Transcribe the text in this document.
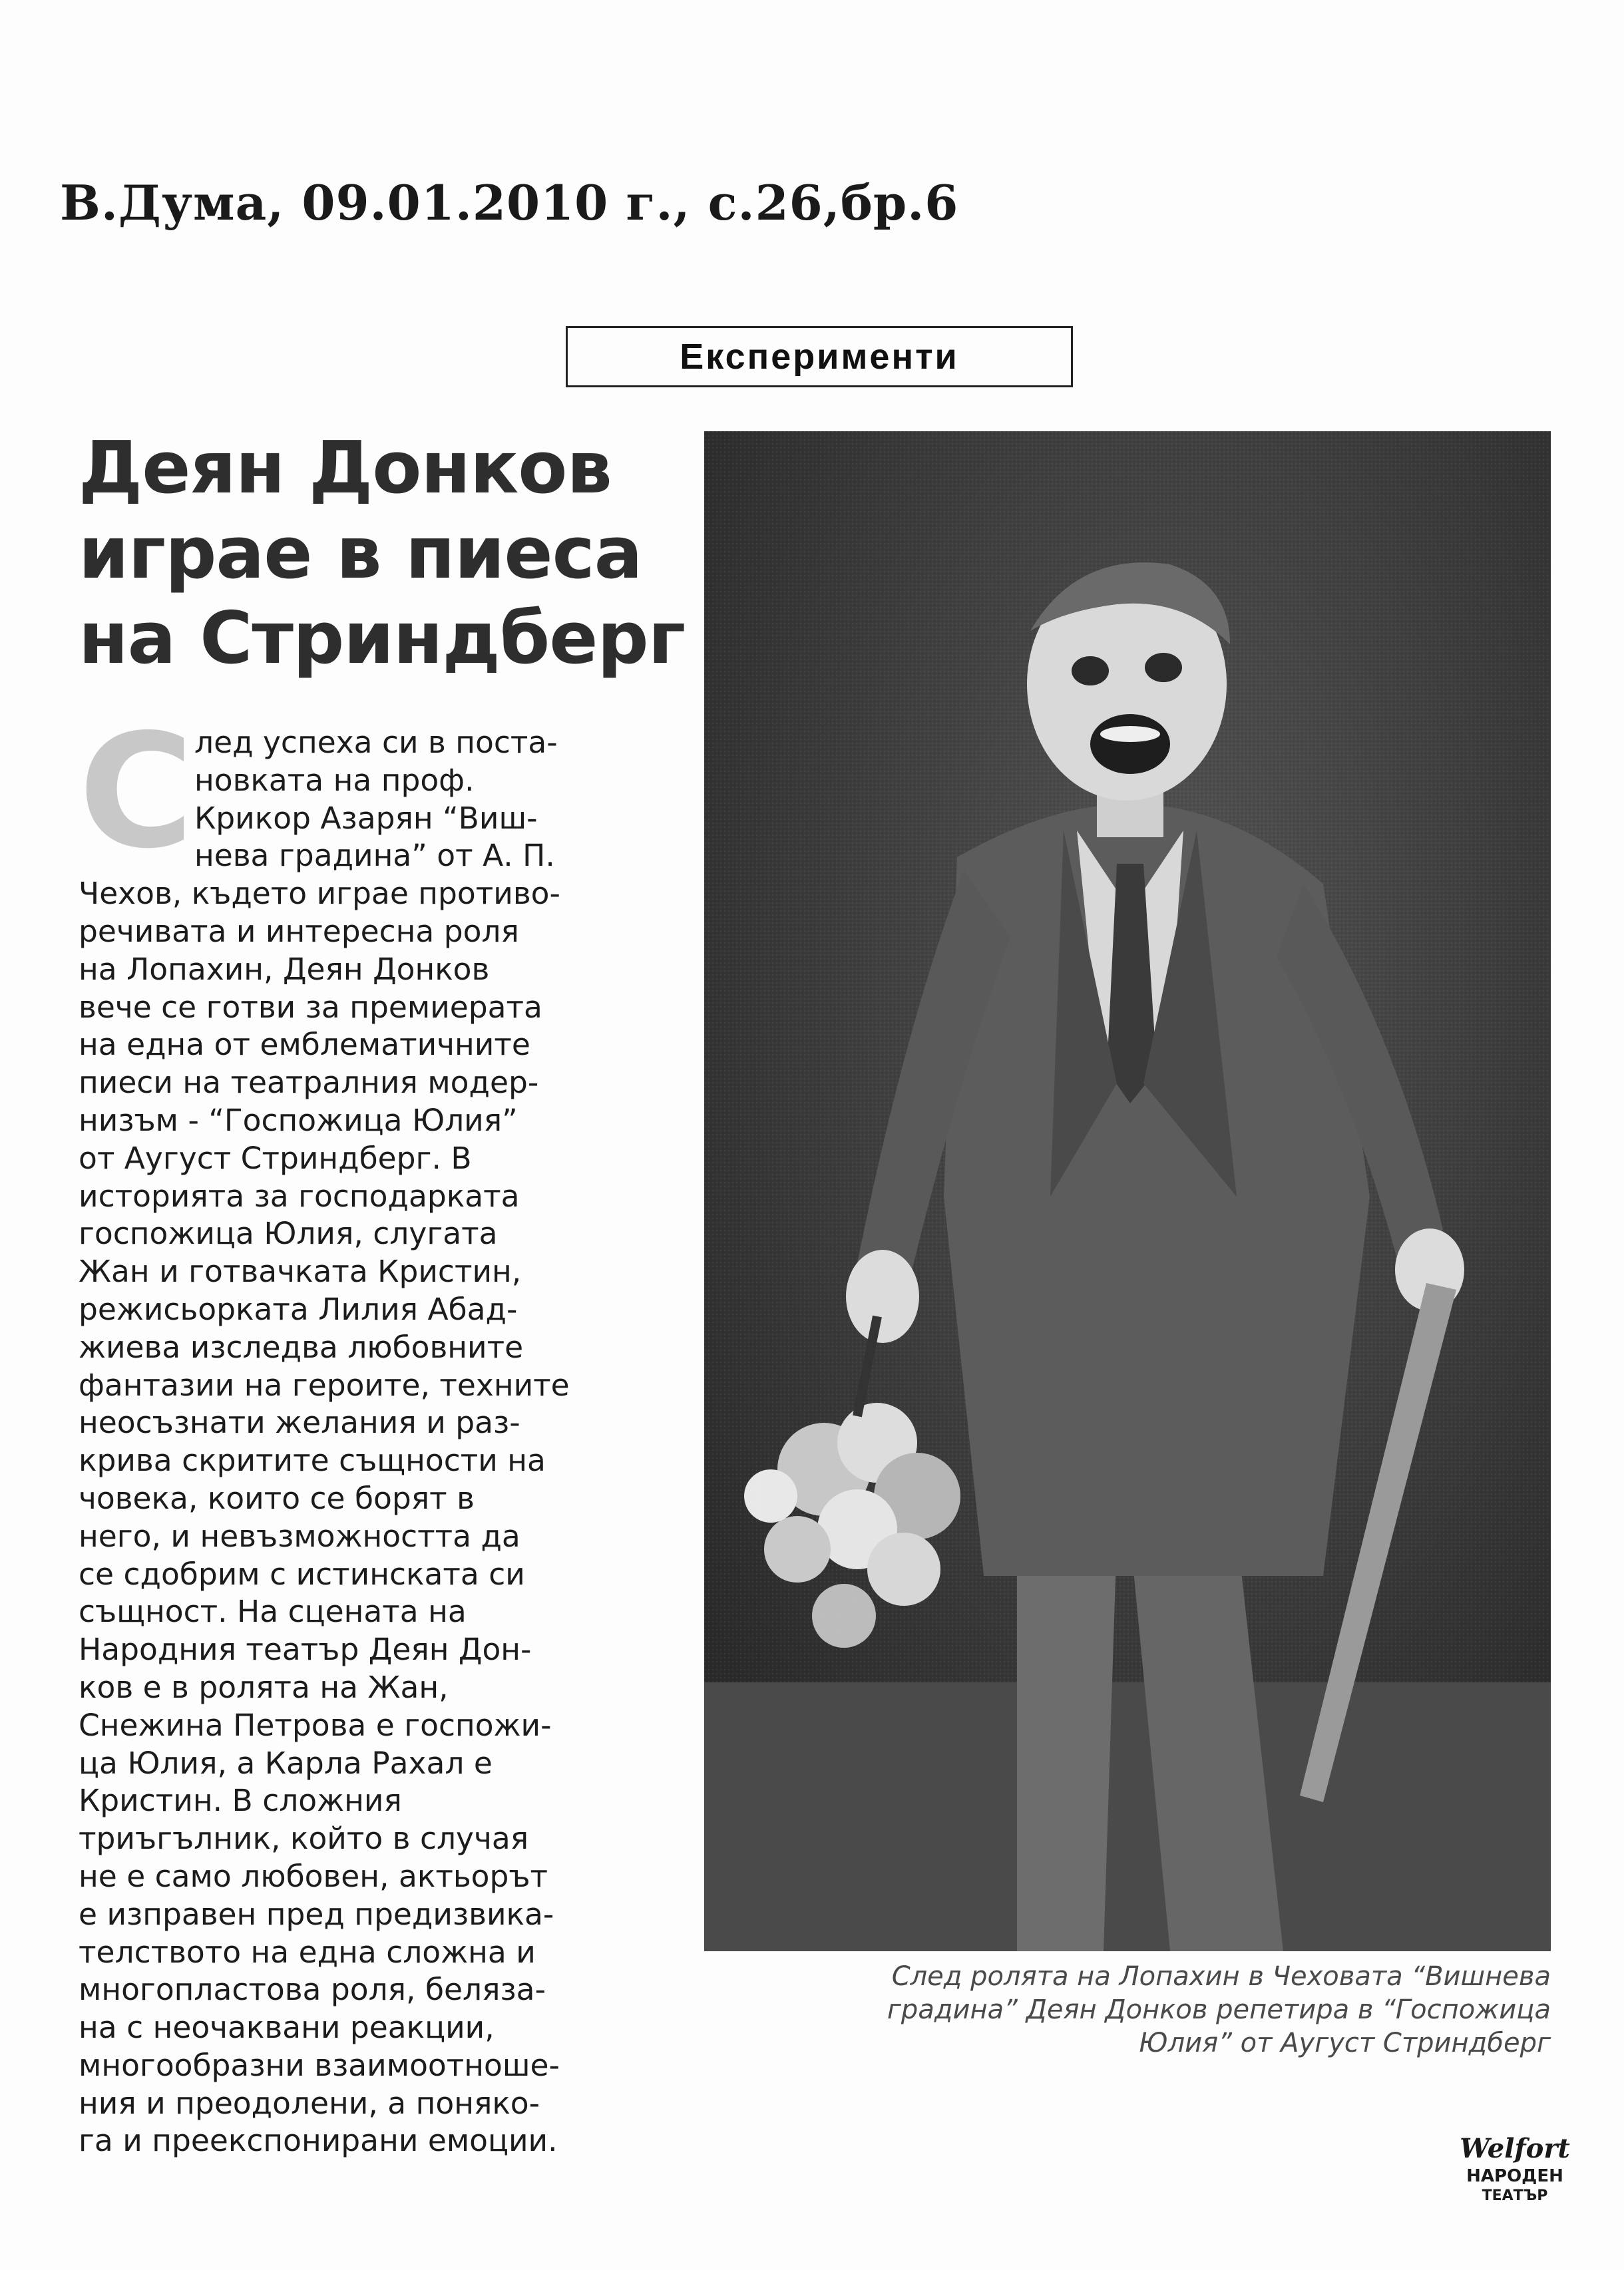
В.Дума, 09.01.2010 г., с.26,бр.6
Експерименти
Деян Донков
играе в пиеса
на Стриндберг
С лед успеха си в поста-
новката на проф.
Крикор Азарян “Виш-
нева градина” от А. П.
Чехов, където играе противо-
речивата и интересна роля
на Лопахин, Деян Донков
вече се готви за премиерата
на една от емблематичните
пиеси на театралния модер-
низъм - “Госпожица Юлия”
от Аугуст Стриндберг. В
историята за господарката
госпожица Юлия, слугата
Жан и готвачката Кристин,
режисьорката Лилия Абад-
жиева изследва любовните
фантазии на героите, техните
неосъзнати желания и раз-
крива скритите същности на
човека, които се борят в
него, и невъзможността да
се сдобрим с истинската си
същност. На сцената на
Народния театър Деян Дон-
ков е в ролята на Жан,
Снежина Петрова е госпожи-
ца Юлия, а Карла Рахал е
Кристин. В сложния
триъгълник, който в случая
не е само любовен, актьорът
е изправен пред предизвика-
телството на една сложна и
многопластова роля, беляза-
на с неочаквани реакции,
многообразни взаимоотноше-
ния и преодолени, а поняко-
га и преекспонирани емоции.
След ролята на Лопахин в Чеховата “Вишнева
градина” Деян Донков репетира в “Госпожица
Юлия” от Аугуст Стриндберг
Welfort
НАРОДЕН
ТЕАТЪР
